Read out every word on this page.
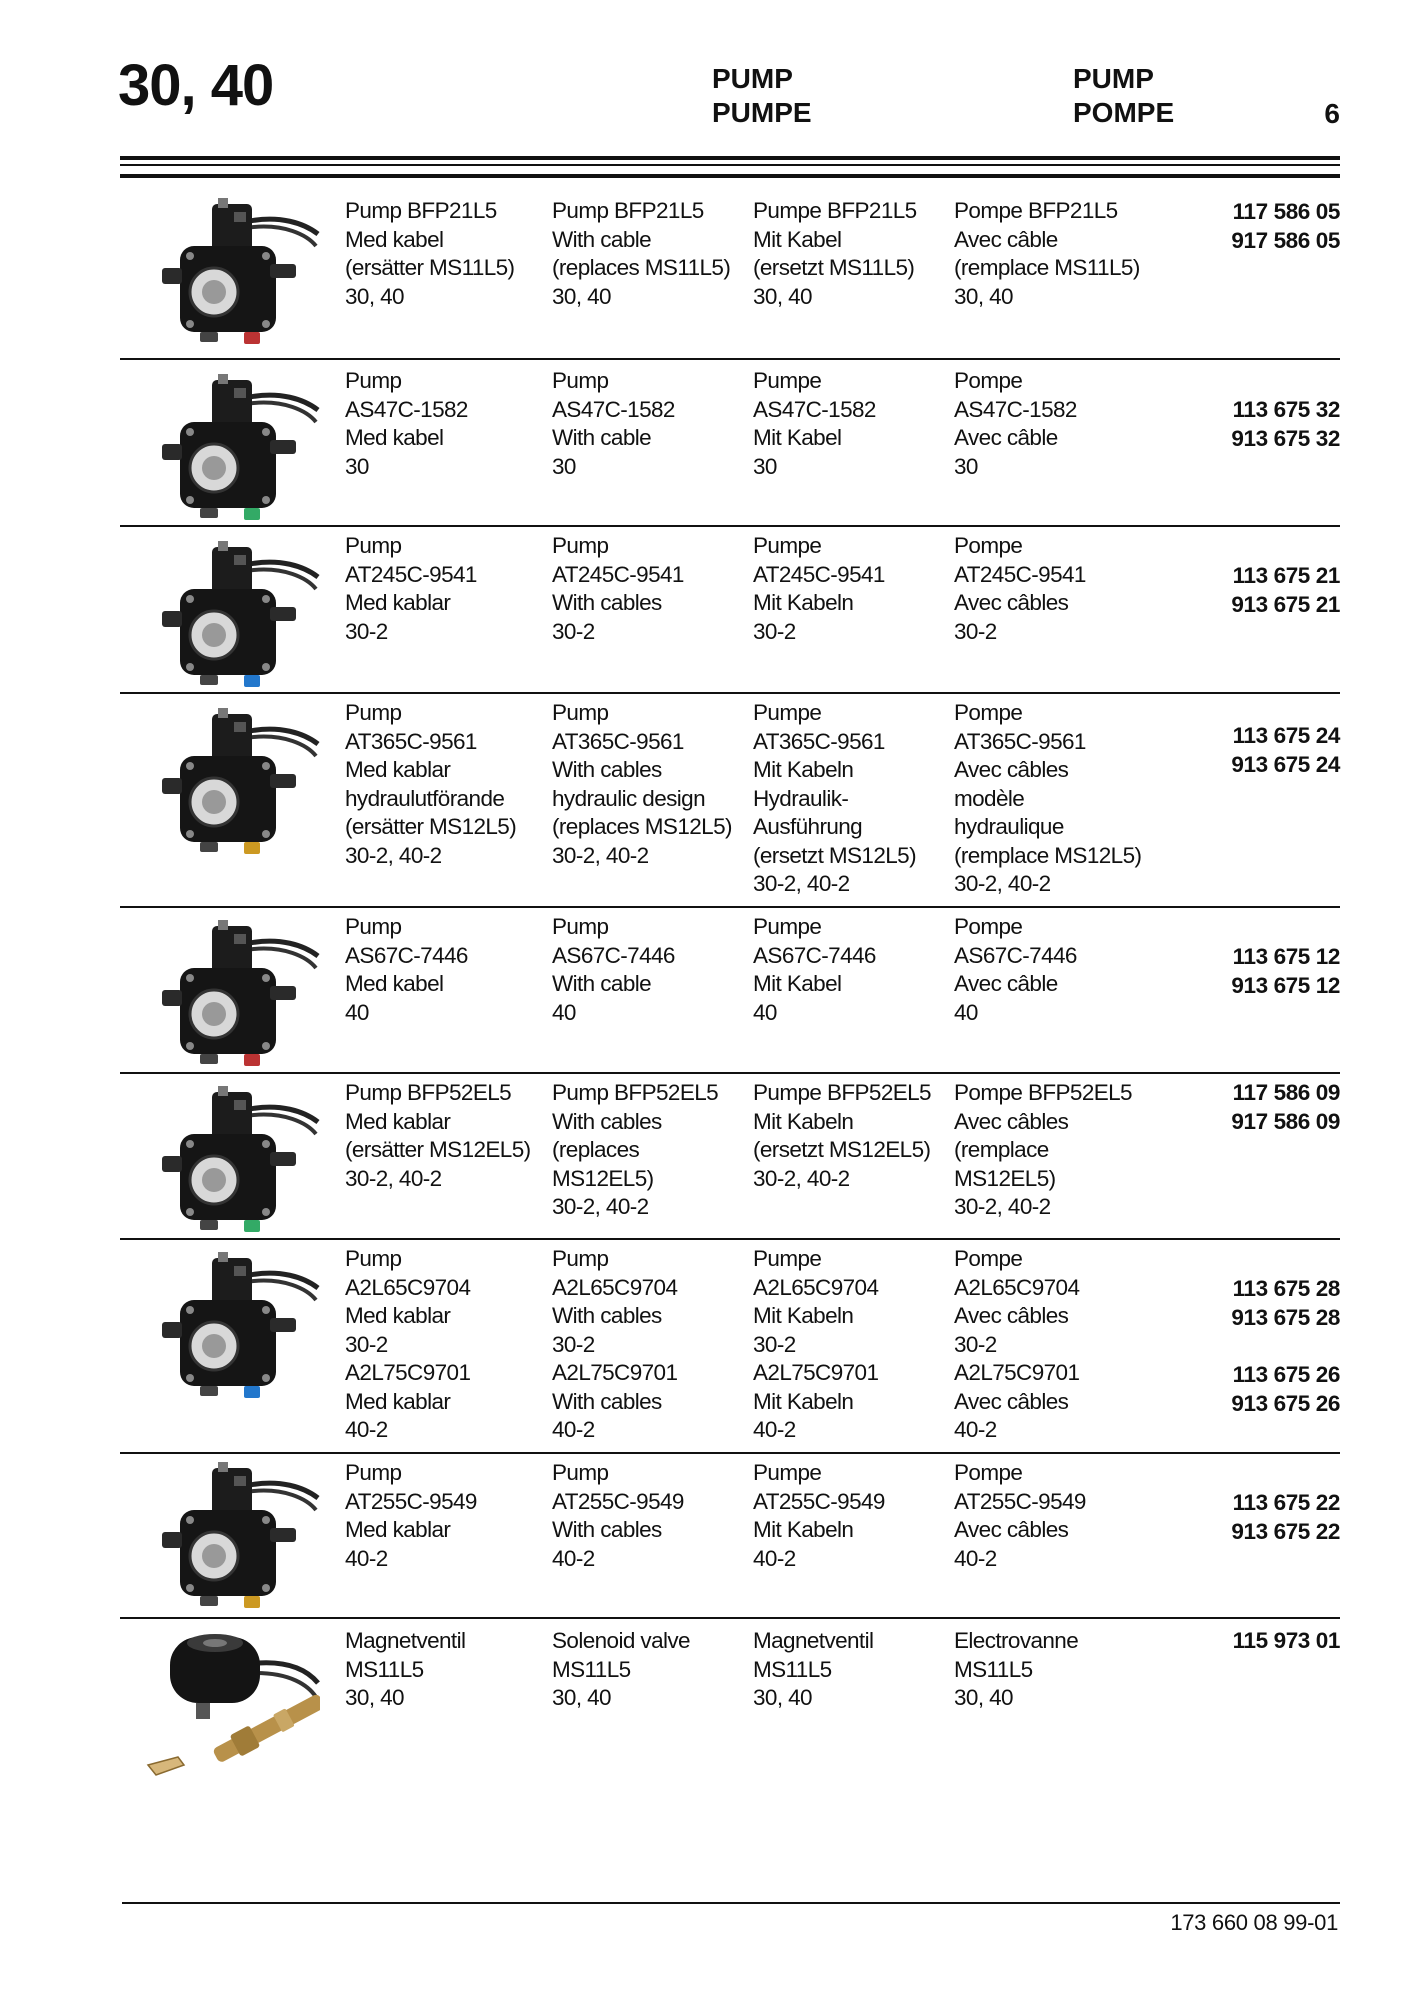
30, 40	PUMP
PUMPE
PUMP
POMPE	6
Pump BFP21L5
Med kabel
(ersätter MS11L5)
30, 40
Pump BFP21L5
With cable
(replaces MS11L5)
30, 40
Pumpe BFP21L5
Mit Kabel
(ersetzt MS11L5)
30, 40
Pompe BFP21L5
Avec câble
(remplace MS11L5)
30, 40
117 586 05
917 586 05
Pump
AS47C-1582
Med kabel
30
Pump
AS47C-1582
With cable
30
Pumpe
AS47C-1582
Mit Kabel
30
Pompe
AS47C-1582
Avec câble
30
113 675 32
913 675 32
Pump
AT245C-9541
Med kablar
30-2
Pump
AT245C-9541
With cables
30-2
Pumpe
AT245C-9541
Mit Kabeln
30-2
Pompe
AT245C-9541
Avec câbles
30-2
113 675 21
913 675 21
Pump
AT365C-9561
Med kablar
hydraulutförande
(ersätter MS12L5)
30-2, 40-2
Pump
AT365C-9561
With cables
hydraulic design
(replaces MS12L5)
30-2, 40-2
Pumpe
AT365C-9561
Mit Kabeln
Hydraulik-
Ausführung
(ersetzt MS12L5)
30-2, 40-2
Pompe
AT365C-9561
Avec câbles
modèle
hydraulique
(remplace MS12L5)
30-2, 40-2
113 675 24
913 675 24
Pump
AS67C-7446
Med kabel
40
Pump
AS67C-7446
With cable
40
Pumpe
AS67C-7446
Mit Kabel
40
Pompe
AS67C-7446
Avec câble
40
113 675 12
913 675 12
Pump BFP52EL5
Med kablar
(ersätter MS12EL5)
30-2, 40-2
Pump BFP52EL5
With cables
(replaces
MS12EL5)
30-2, 40-2
Pumpe BFP52EL5
Mit Kabeln
(ersetzt MS12EL5)
30-2, 40-2
Pompe BFP52EL5
Avec câbles
(remplace
MS12EL5)
30-2, 40-2
117 586 09
917 586 09
Pump
A2L65C9704
Med kablar
30-2
A2L75C9701
Med kablar
40-2
Pump
A2L65C9704
With cables
30-2
A2L75C9701
With cables
40-2
Pumpe
A2L65C9704
Mit Kabeln
30-2
A2L75C9701
Mit Kabeln
40-2
Pompe
A2L65C9704
Avec câbles
30-2
A2L75C9701
Avec câbles
40-2
113 675 28
913 675 28
113 675 26
913 675 26
Pump
AT255C-9549
Med kablar
40-2
Pump
AT255C-9549
With cables
40-2
Pumpe
AT255C-9549
Mit Kabeln
40-2
Pompe
AT255C-9549
Avec câbles
40-2
113 675 22
913 675 22
Magnetventil
MS11L5
30, 40
Solenoid valve
MS11L5
30, 40
Magnetventil
MS11L5
30, 40
Electrovanne
MS11L5
30, 40
115 973 01
173 660 08 99-01
